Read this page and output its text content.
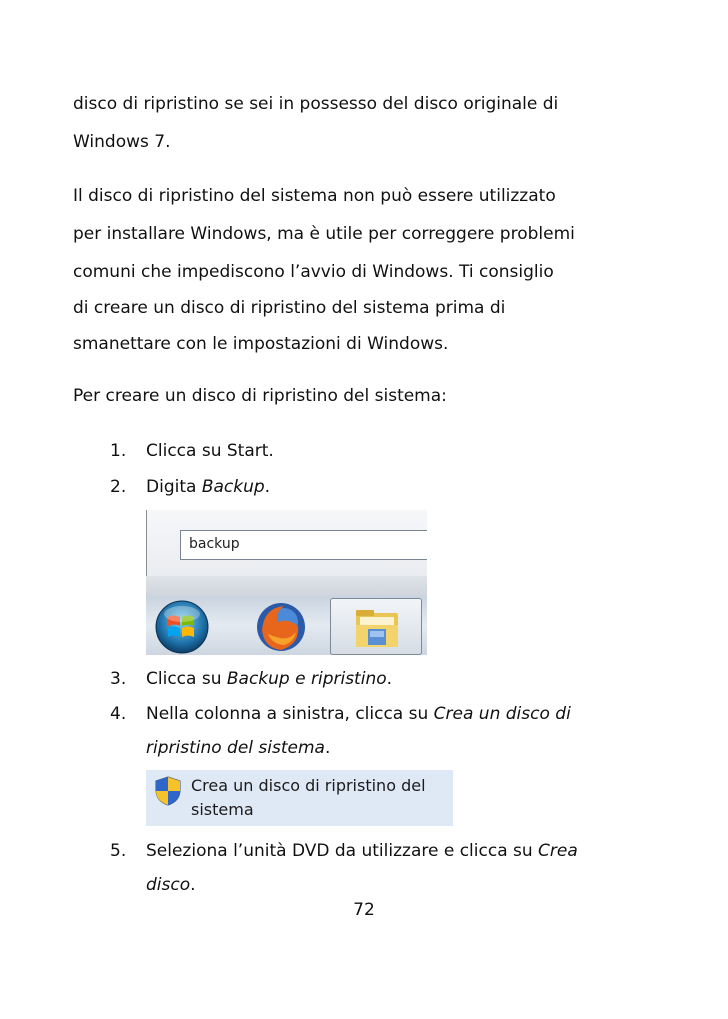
disco di ripristino se sei in possesso del disco originale di
Windows 7.
Il disco di ripristino del sistema non può essere utilizzato
per installare Windows, ma è utile per correggere problemi
comuni che impediscono l’avvio di Windows. Ti consiglio
di creare un disco di ripristino del sistema prima di
smanettare con le impostazioni di Windows.
Per creare un disco di ripristino del sistema:
1. Clicca su Start.
2. Digita Backup.
backup
3. Clicca su Backup e ripristino.
4. Nella colonna a sinistra, clicca su Crea un disco di
ripristino del sistema.
Crea un disco di ripristino del
sistema
5. Seleziona l’unità DVD da utilizzare e clicca su Crea
disco.
72
